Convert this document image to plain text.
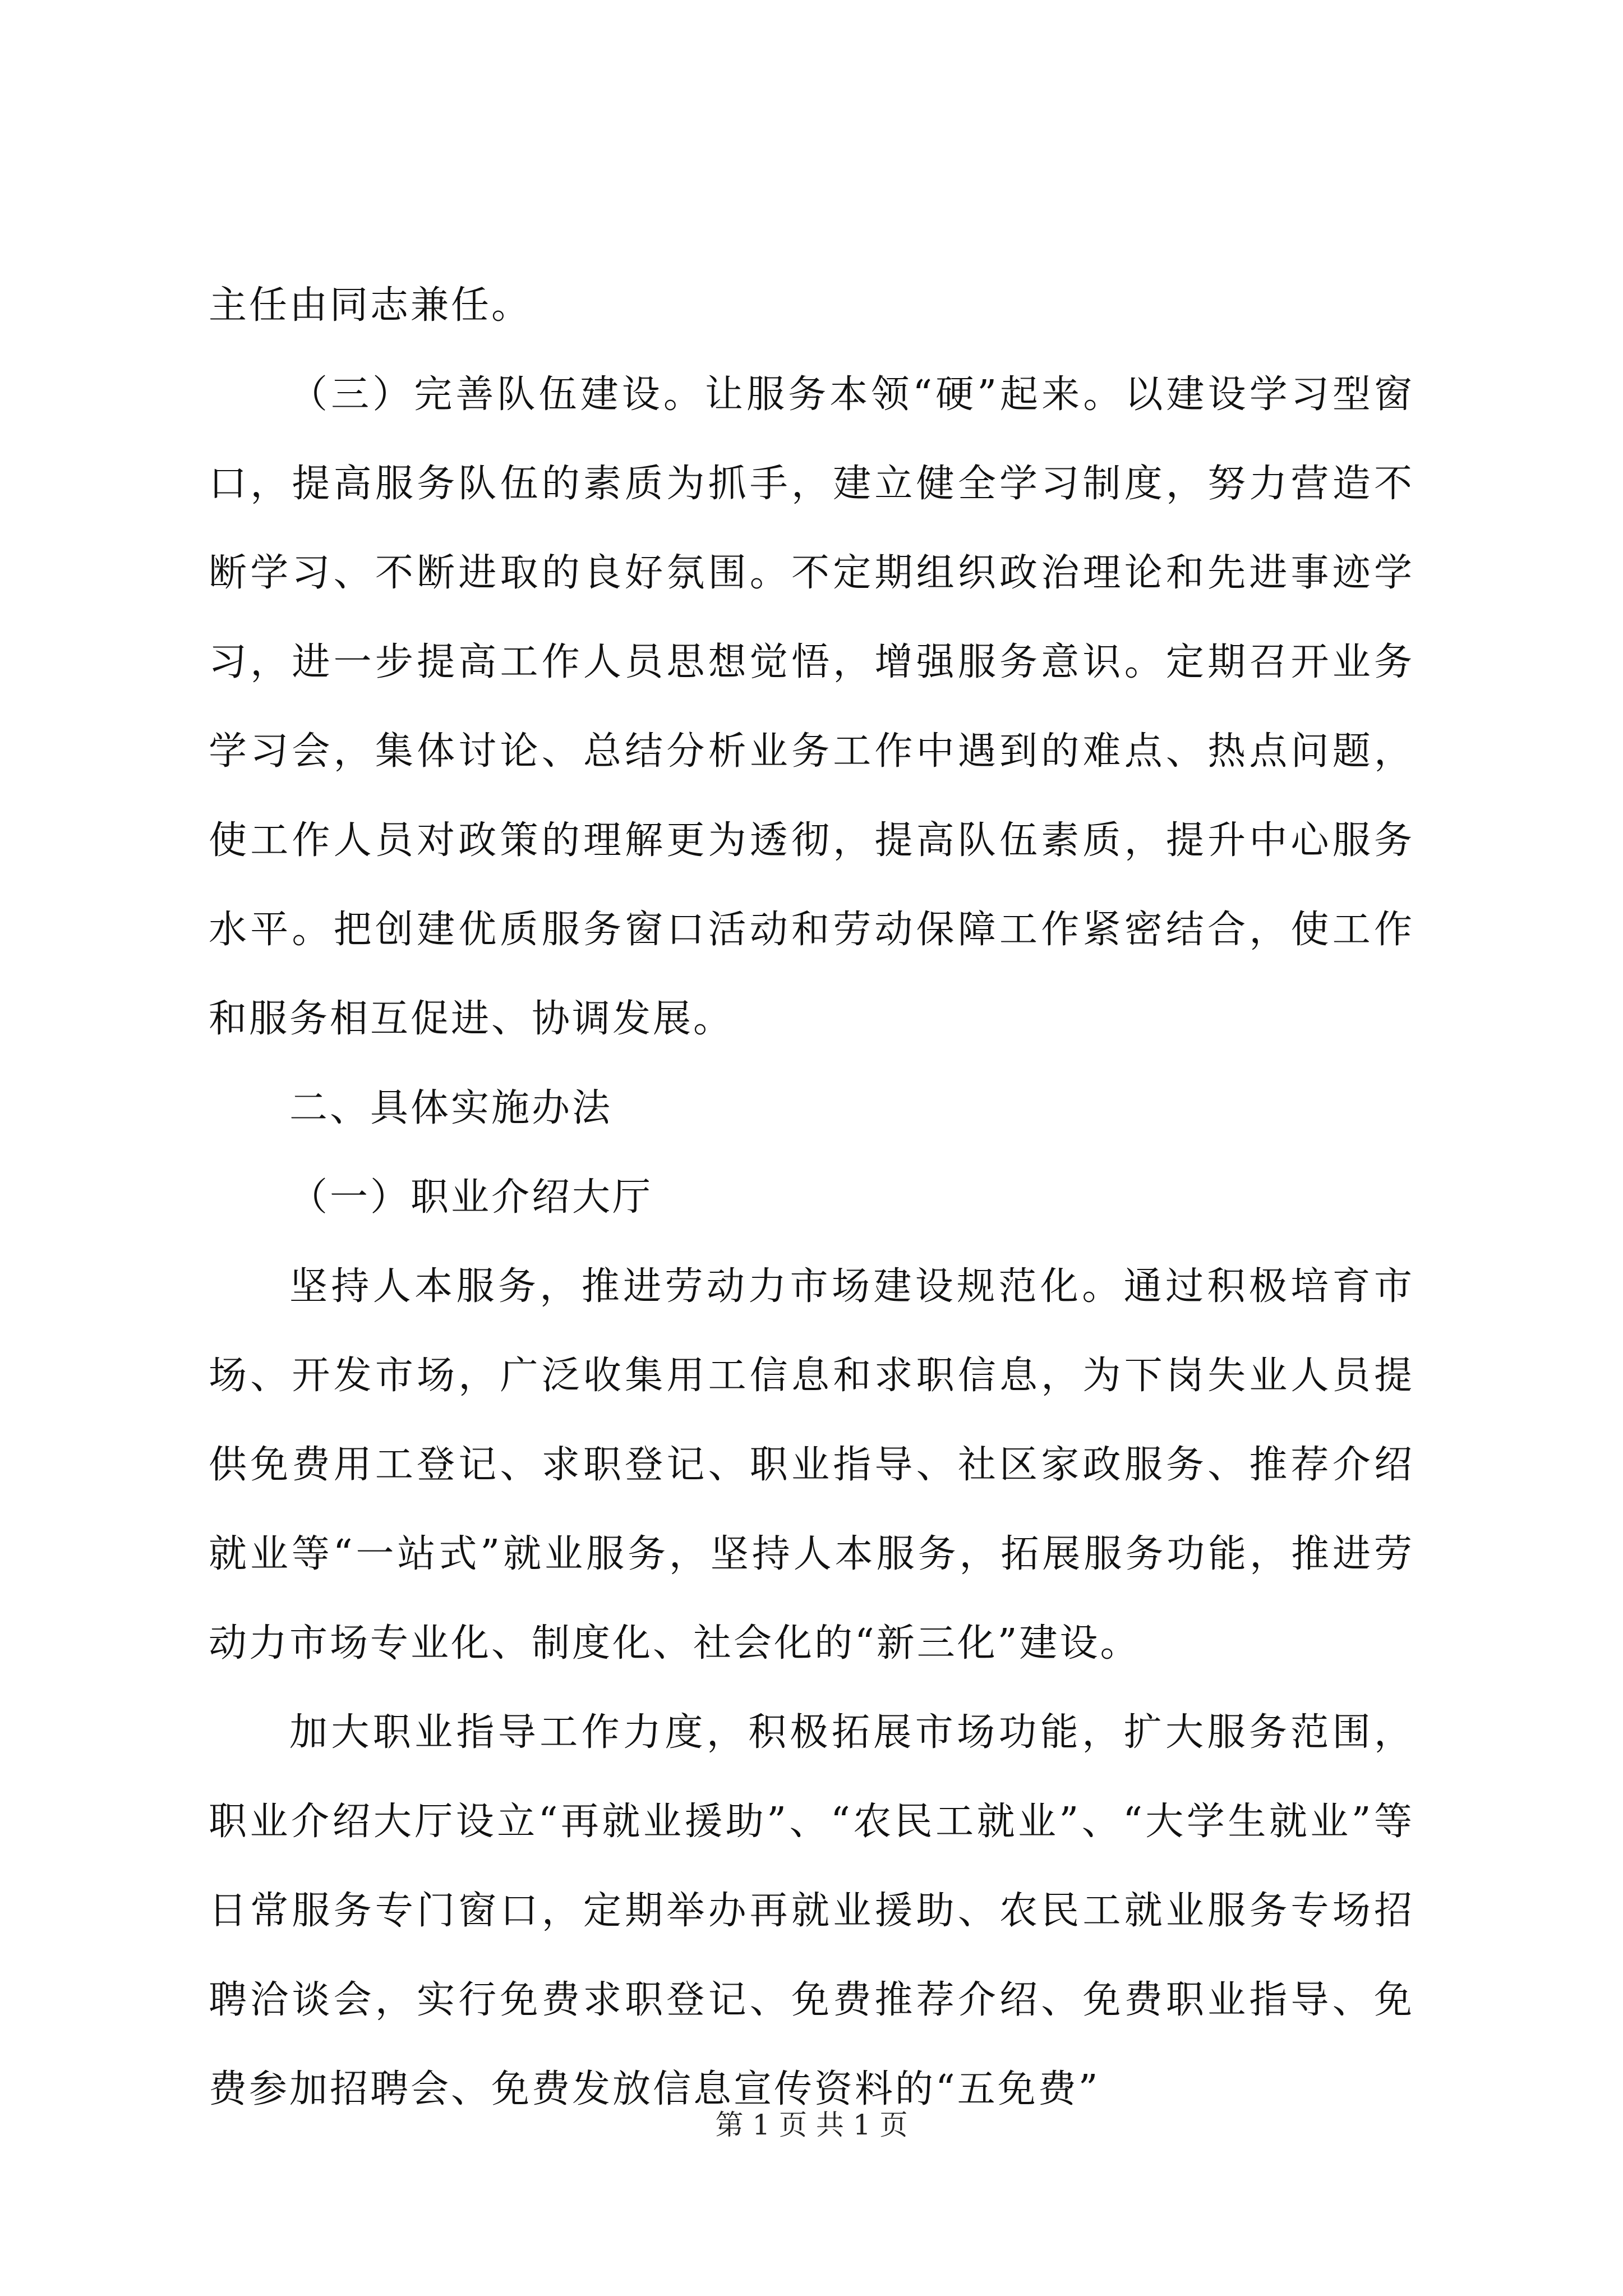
主任由同志兼任。

（三）完善队伍建设。让服务本领“硬”起来。以建设学习型窗口，提高服务队伍的素质为抓手，建立健全学习制度，努力营造不断学习、不断进取的良好氛围。不定期组织政治理论和先进事迹学习，进一步提高工作人员思想觉悟，增强服务意识。定期召开业务学习会，集体讨论、总结分析业务工作中遇到的难点、热点问题，使工作人员对政策的理解更为透彻，提高队伍素质，提升中心服务水平。把创建优质服务窗口活动和劳动保障工作紧密结合，使工作和服务相互促进、协调发展。

二、具体实施办法

（一）职业介绍大厅

坚持人本服务，推进劳动力市场建设规范化。通过积极培育市场、开发市场，广泛收集用工信息和求职信息，为下岗失业人员提供免费用工登记、求职登记、职业指导、社区家政服务、推荐介绍就业等“一站式”就业服务，坚持人本服务，拓展服务功能，推进劳动力市场专业化、制度化、社会化的“新三化”建设。

加大职业指导工作力度，积极拓展市场功能，扩大服务范围，职业介绍大厅设立“再就业援助”、“农民工就业”、“大学生就业”等日常服务专门窗口，定期举办再就业援助、农民工就业服务专场招聘洽谈会，实行免费求职登记、免费推荐介绍、免费职业指导、免费参加招聘会、免费发放信息宣传资料的“五免费”

第 1 页 共 1 页
